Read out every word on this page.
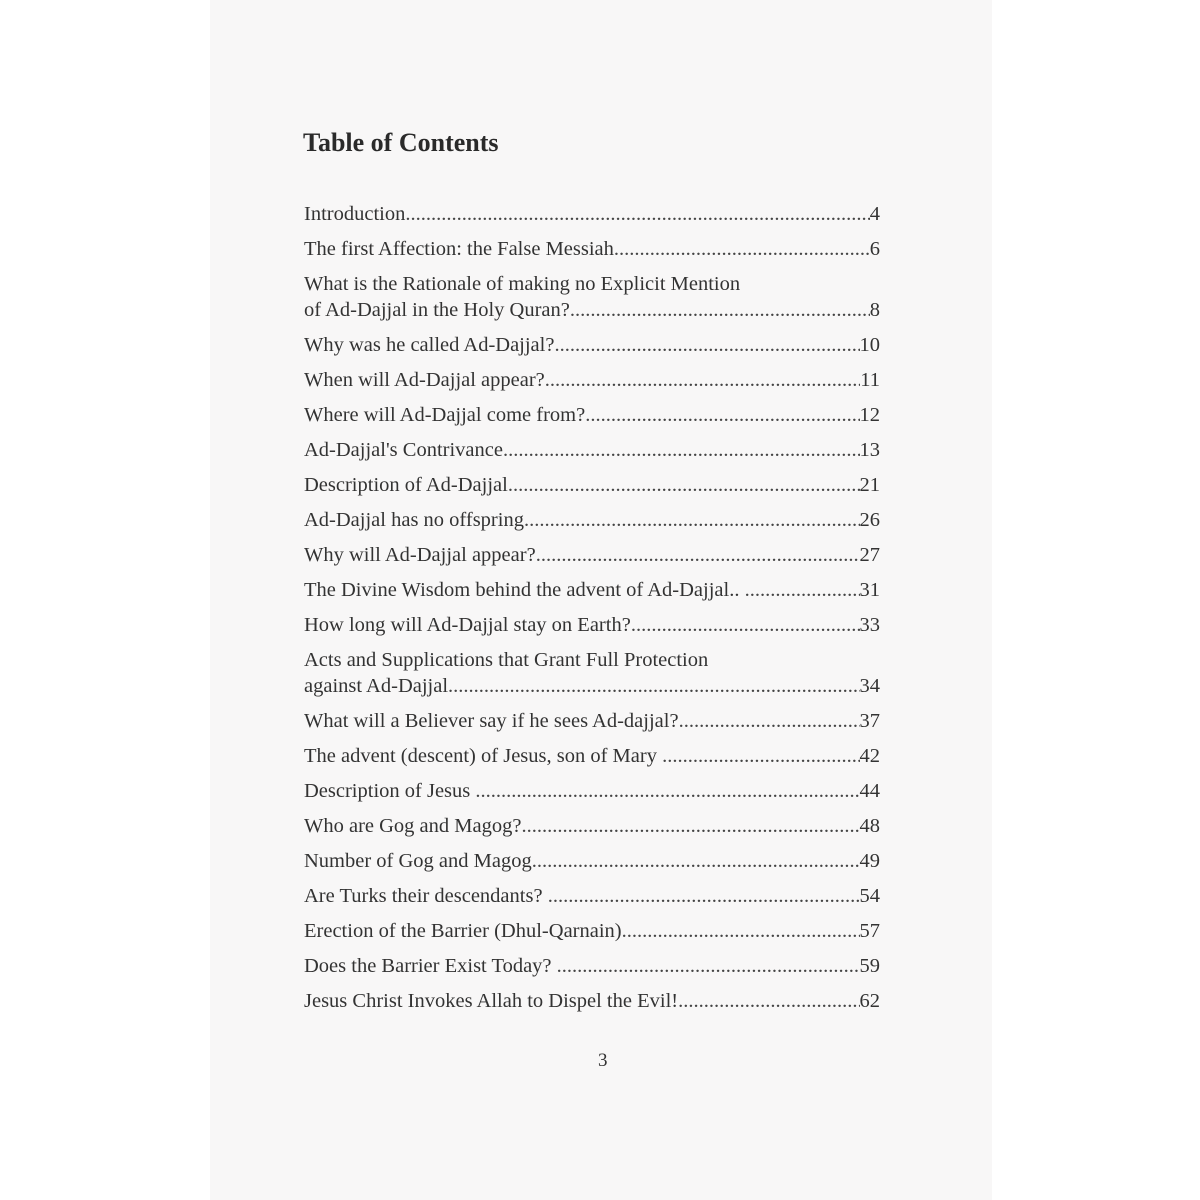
Table of Contents
Introduction .....	4
The first Affection: the False Messiah .....	6
What is the Rationale of making no Explicit Mention
of Ad-Dajjal in the Holy Quran? .....	8
Why was he called Ad-Dajjal? .....	10
When will Ad-Dajjal appear? .....	11
Where will Ad-Dajjal come from? .....	12
Ad-Dajjal's Contrivance .....	13
Description of Ad-Dajjal .....	21
Ad-Dajjal has no offspring .....	26
Why will Ad-Dajjal appear? .....	27
The Divine Wisdom behind the advent of Ad-Dajjal.. .....	31
How long will Ad-Dajjal stay on Earth? .....	33
Acts and Supplications that Grant Full Protection
against Ad-Dajjal .....	34
What will a Believer say if he sees Ad-dajjal? .....	37
The advent (descent) of Jesus, son of Mary .....	42
Description of Jesus .....	44
Who are Gog and Magog? .....	48
Number of Gog and Magog .....	49
Are Turks their descendants? .....	54
Erection of the Barrier (Dhul-Qarnain) .....	57
Does the Barrier Exist Today? .....	59
Jesus Christ Invokes Allah to Dispel the Evil! .....	62
3
